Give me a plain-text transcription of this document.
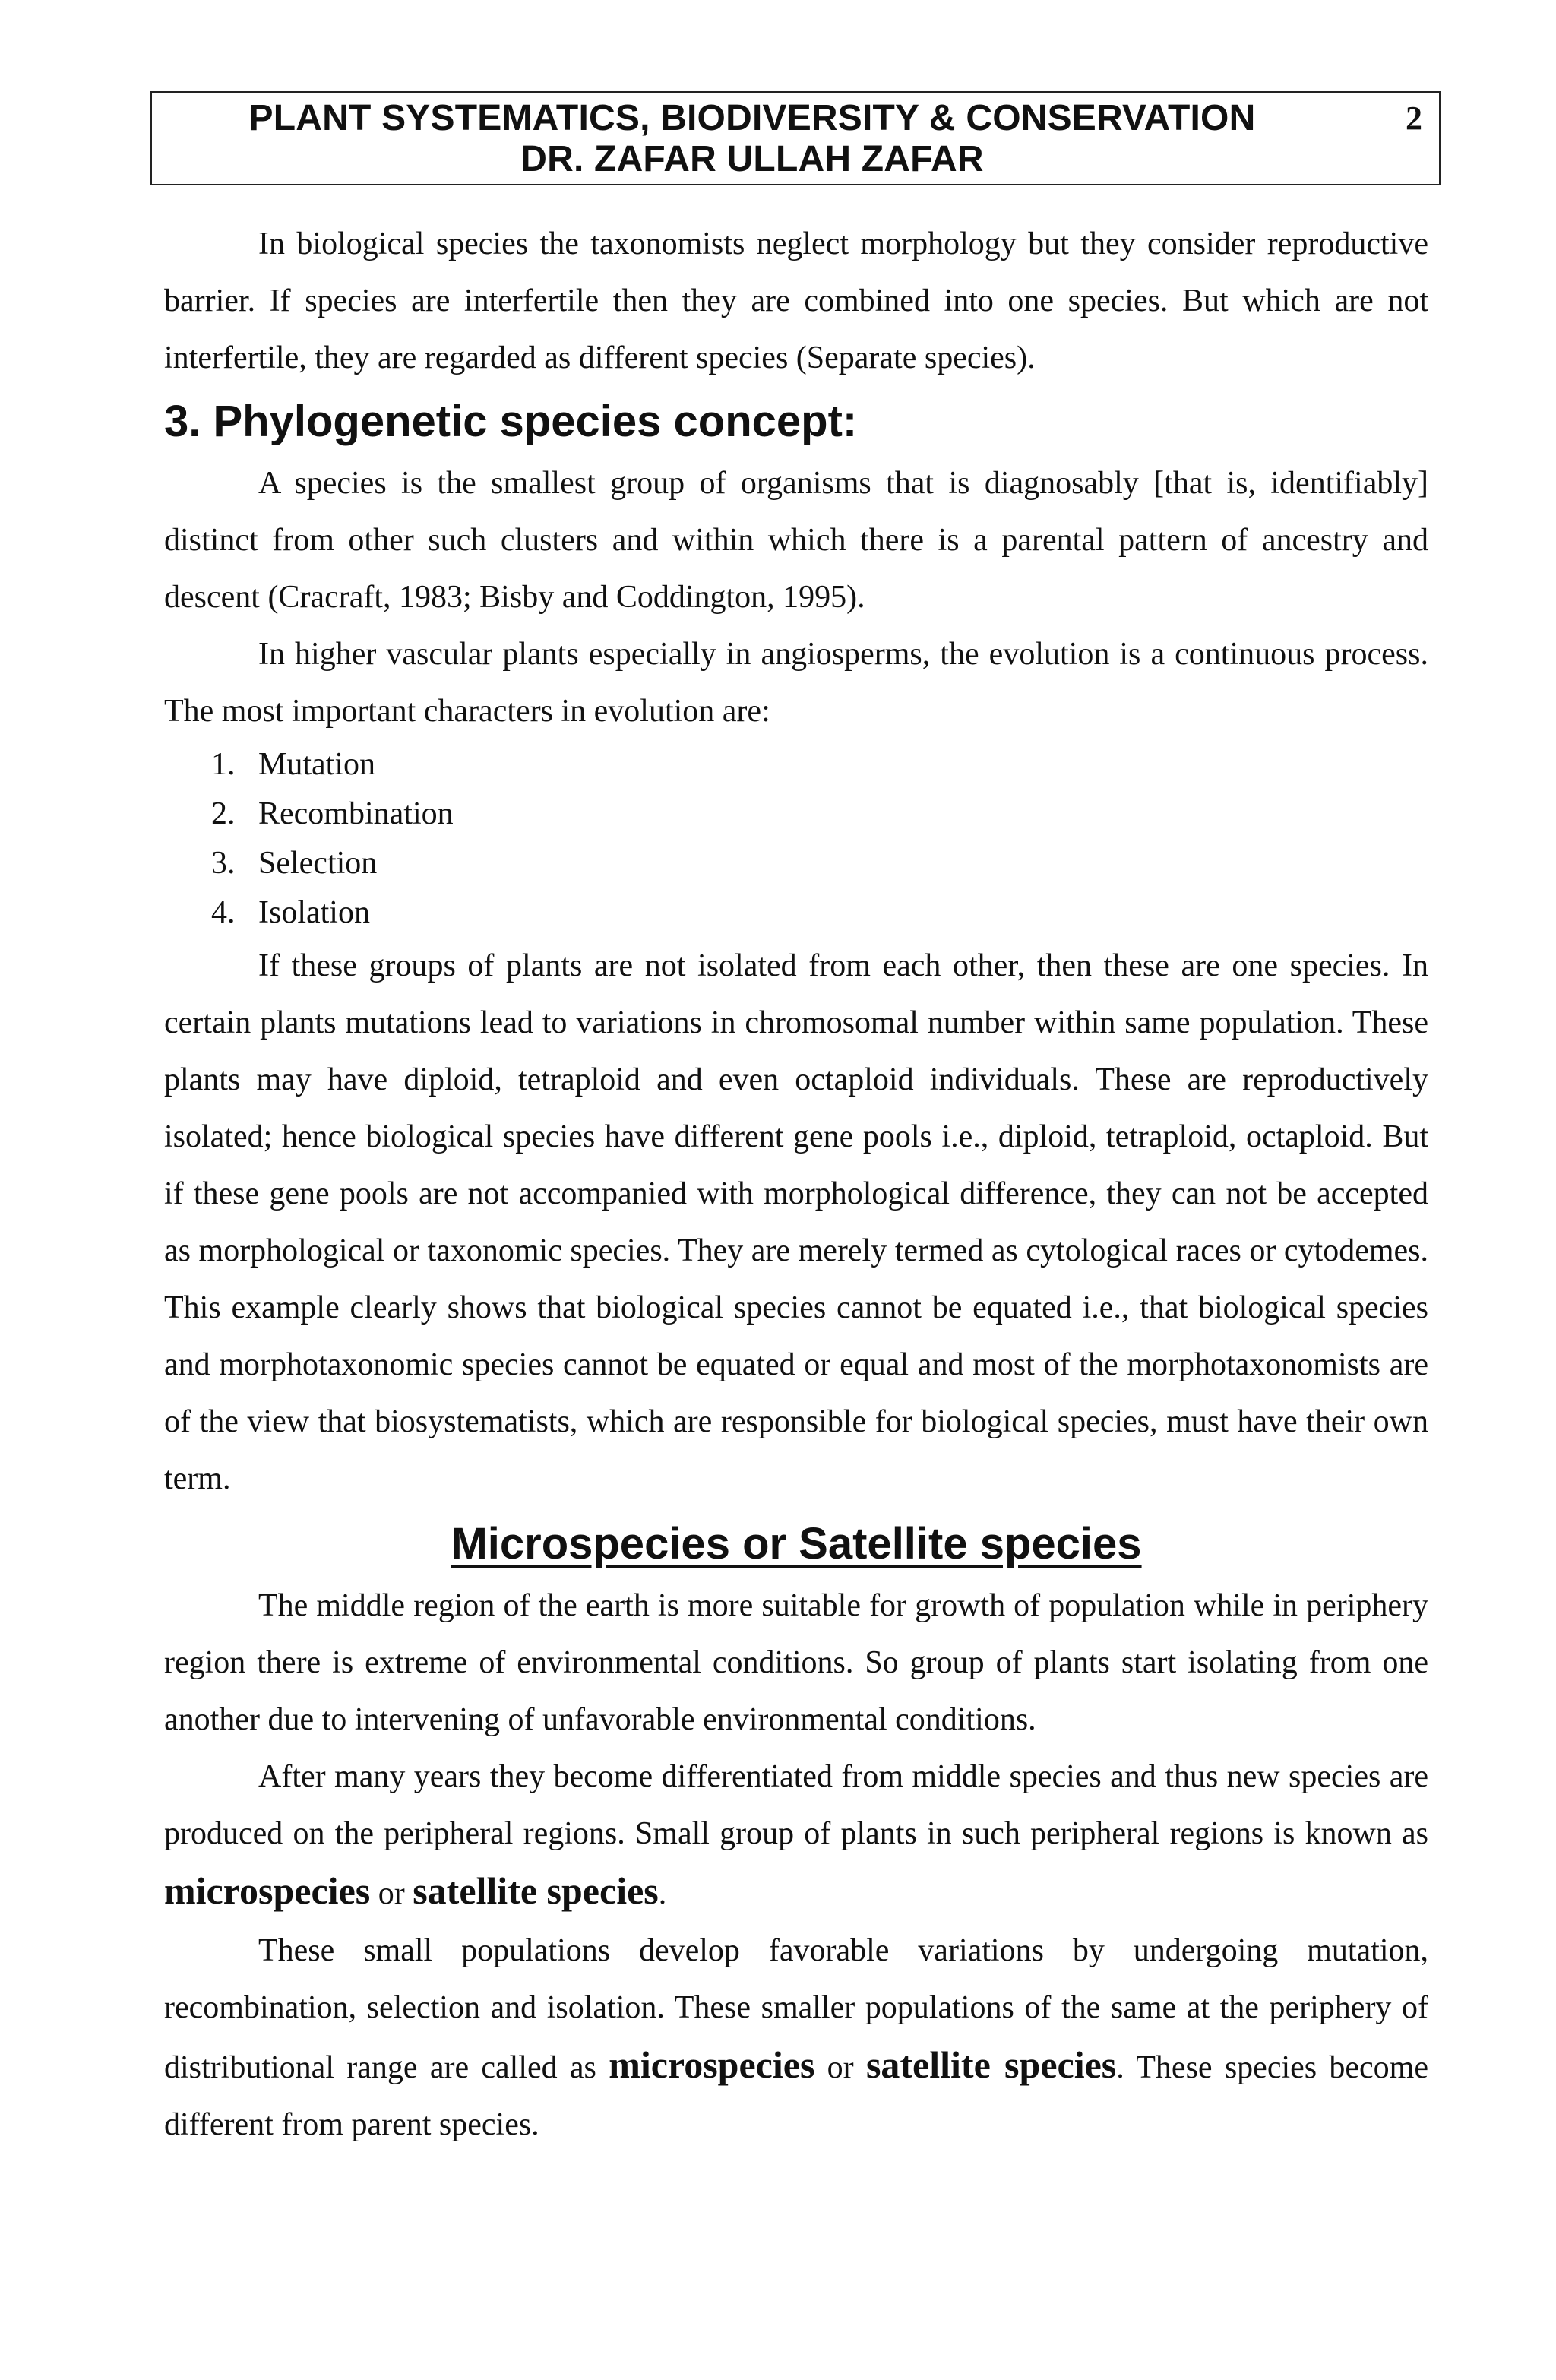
PLANT SYSTEMATICS, BIODIVERSITY & CONSERVATION
DR. ZAFAR ULLAH ZAFAR
2

In biological species the taxonomists neglect morphology but they consider reproductive barrier. If species are interfertile then they are combined into one species. But which are not interfertile, they are regarded as different species (Separate species).

3. Phylogenetic species concept:

A species is the smallest group of organisms that is diagnosably [that is, identifiably] distinct from other such clusters and within which there is a parental pattern of ancestry and descent (Cracraft, 1983; Bisby and Coddington, 1995).

In higher vascular plants especially in angiosperms, the evolution is a continuous process. The most important characters in evolution are:

1. Mutation
2. Recombination
3. Selection
4. Isolation

If these groups of plants are not isolated from each other, then these are one species. In certain plants mutations lead to variations in chromosomal number within same population. These plants may have diploid, tetraploid and even octaploid individuals. These are reproductively isolated; hence biological species have different gene pools i.e., diploid, tetraploid, octaploid. But if these gene pools are not accompanied with morphological difference, they can not be accepted as morphological or taxonomic species. They are merely termed as cytological races or cytodemes. This example clearly shows that biological species cannot be equated i.e., that biological species and morphotaxonomic species cannot be equated or equal and most of the morphotaxonomists are of the view that biosystematists, which are responsible for biological species, must have their own term.

Microspecies or Satellite species

The middle region of the earth is more suitable for growth of population while in periphery region there is extreme of environmental conditions. So group of plants start isolating from one another due to intervening of unfavorable environmental conditions.

After many years they become differentiated from middle species and thus new species are produced on the peripheral regions. Small group of plants in such peripheral regions is known as microspecies or satellite species.

These small populations develop favorable variations by undergoing mutation, recombination, selection and isolation. These smaller populations of the same at the periphery of distributional range are called as microspecies or satellite species. These species become different from parent species.
